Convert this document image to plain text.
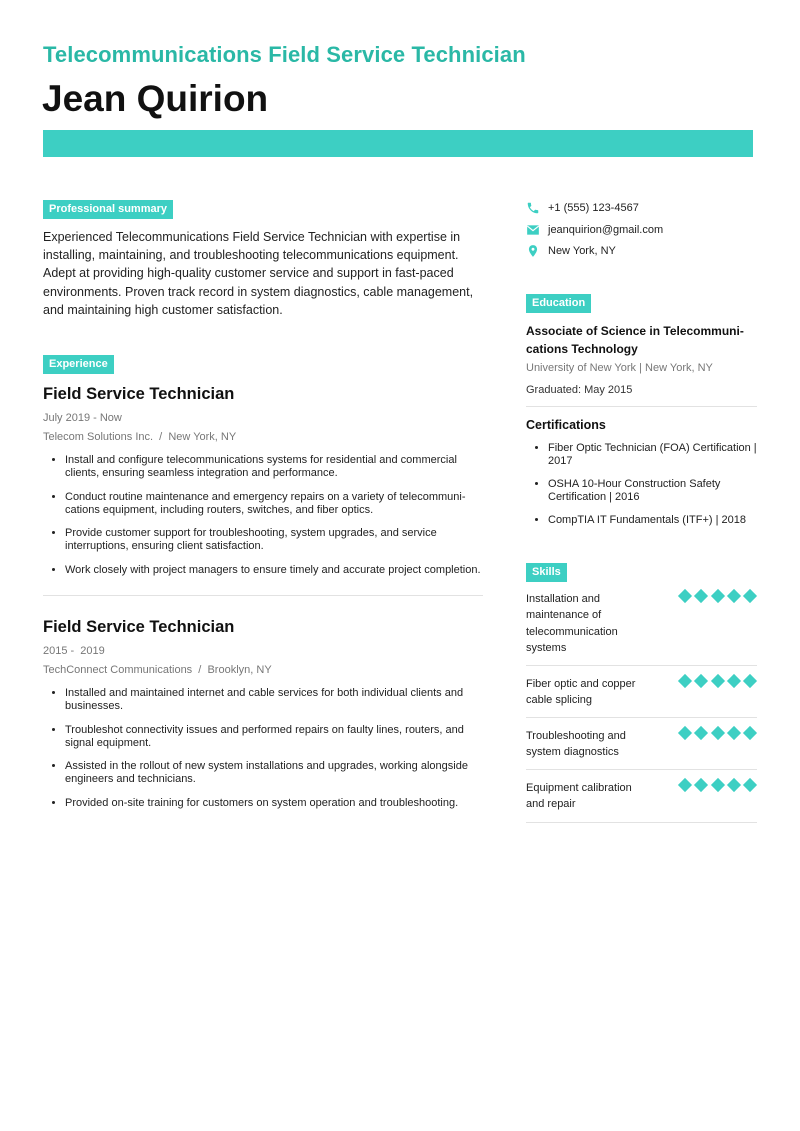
Telecommunications Field Service Technician
Jean Quirion
Professional summary

Experienced Telecommunications Field Service Technician with expertise in installing, maintaining, and troubleshooting telecommunications equipment. Adept at providing high-quality customer service and support in fast-paced environments. Proven track record in system diagnostics, cable management, and maintaining high customer satisfaction.

Experience
Field Service Technician
July 2019 - Now
Telecom Solutions Inc.  /  New York, NY
• Install and configure telecommunications systems for residential and commercial clients, ensuring seamless integration and performance.
• Conduct routine maintenance and emergency repairs on a variety of telecommuni-cations equipment, including routers, switches, and fiber optics.
• Provide customer support for troubleshooting, system upgrades, and service interruptions, ensuring client satisfaction.
• Work closely with project managers to ensure timely and accurate project completion.
Field Service Technician
2015 -  2019
TechConnect Communications  /  Brooklyn, NY
• Installed and maintained internet and cable services for both individual clients and businesses.
• Troubleshot connectivity issues and performed repairs on faulty lines, routers, and signal equipment.
• Assisted in the rollout of new system installations and upgrades, working alongside engineers and technicians.
• Provided on-site training for customers on system operation and troubleshooting.
+1 (555) 123-4567
jeanquirion@gmail.com
New York, NY
Education
Associate of Science in Telecommuni-cations Technology
University of New York | New York, NY
Graduated: May 2015
Certifications
• Fiber Optic Technician (FOA) Certification | 2017
• OSHA 10-Hour Construction Safety Certification | 2016
• CompTIA IT Fundamentals (ITF+) | 2018
Skills
Installation and maintenance of telecommunication systems
Fiber optic and copper cable splicing
Troubleshooting and system diagnostics
Equipment calibration and repair
